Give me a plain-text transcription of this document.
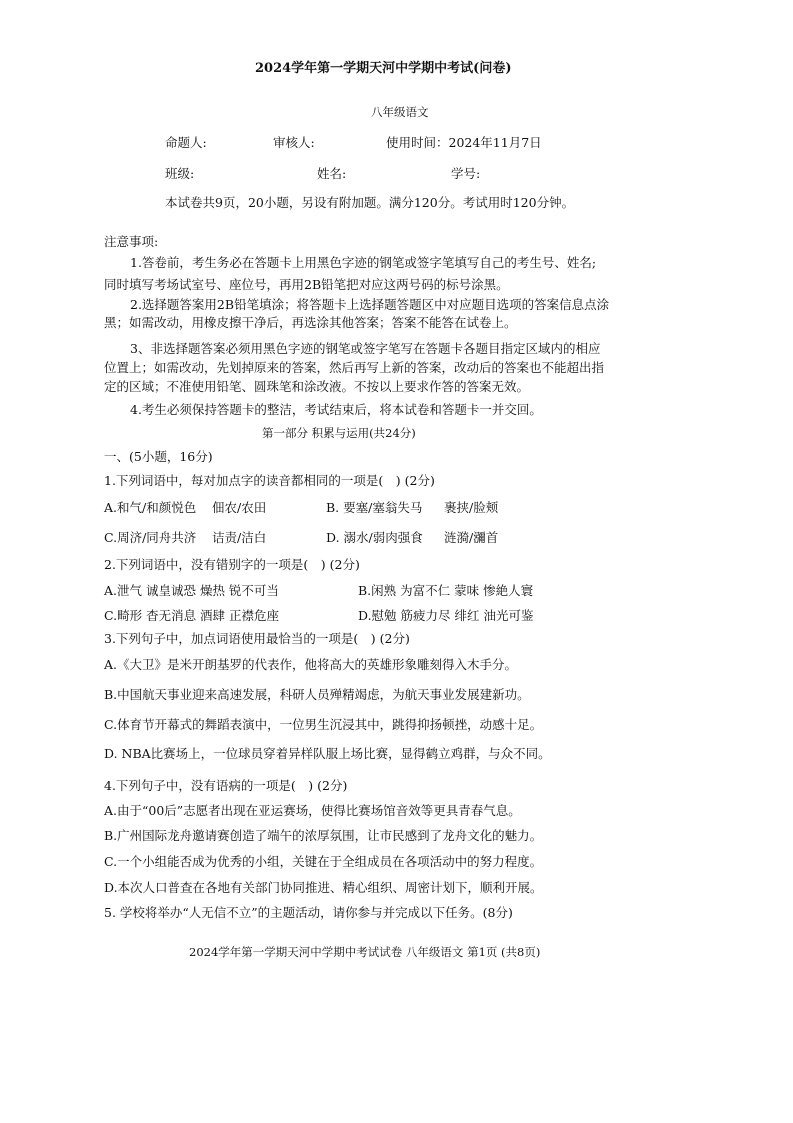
2024学年第一学期天河中学期中考试(问卷)
八年级语文
命题人:	审核人:	使用时间：2024年11月7日
班级:	姓名:	学号:
本试卷共9页，20小题，另设有附加题。满分120分。考试用时120分钟。
注意事项:
1.答卷前，考生务必在答题卡上用黑色字迹的钢笔或签字笔填写自己的考生号、姓名;
同时填写考场试室号、座位号，再用2B铅笔把对应这两号码的标号涂黑。
2.选择题答案用2B铅笔填涂；将答题卡上选择题答题区中对应题目选项的答案信息点涂
黑；如需改动，用橡皮擦干净后，再选涂其他答案；答案不能答在试卷上。
3、非选择题答案必须用黑色字迹的钢笔或签字笔写在答题卡各题目指定区域内的相应
位置上；如需改动，先划掉原来的答案，然后再写上新的答案，改动后的答案也不能超出指
定的区域；不准使用铅笔、圆珠笔和涂改液。不按以上要求作答的答案无效。
4.考生必须保持答题卡的整洁，考试结束后，将本试卷和答题卡一并交回。
第一部分 积累与运用(共24分)
一、(5小题，16分)
1.下列词语中，每对加点字的读音都相同的一项是(　) (2分)
A.和气/和颜悦色 佃农/农田	B. 要塞/塞翁失马 裹挟/脸颊
C.周济/同舟共济 诘责/洁白	D. 溺水/弱肉强食 涟漪/瀰首
2.下列词语中，没有错别字的一项是(　) (2分)
A.泄气 诚皇诚恐 燥热 锐不可当	B.闲熟 为富不仁 蒙味 惨絶人寰
C.畸形 杳无消息 酒肆 正襟危座	D.慰勉 筋疲力尽 绯红 油光可鉴
3.下列句子中，加点词语使用最恰当的一项是(　) (2分)
A.《大卫》是米开朗基罗的代表作，他将高大的英雄形象雕刻得入木手分。
B.中国航天事业迎来高速发展，科研人员殚精竭虑，为航天事业发展建新功。
C.体育节开幕式的舞蹈表演中，一位男生沉浸其中，跳得抑扬顿挫，动感十足。
D. NBA比赛场上，一位球员穿着异样队服上场比赛，显得鹤立鸡群，与众不同。
4.下列句子中，没有语病的一项是(　) (2分)
A.由于“00后”志愿者出现在亚运赛场，使得比赛场馆音效等更具青春气息。
B.广州国际龙舟邀请赛创造了端午的浓厚氛围，让市民感到了龙舟文化的魅力。
C.一个小组能否成为优秀的小组，关键在于全组成员在各项活动中的努力程度。
D.本次人口普查在各地有关部门协同推进、精心组织、周密计划下，顺利开展。
5. 学校将举办“人无信不立”的主题活动，请你参与并完成以下任务。(8分)
2024学年第一学期天河中学期中考试试卷 八年级语文 第1页 (共8页)
